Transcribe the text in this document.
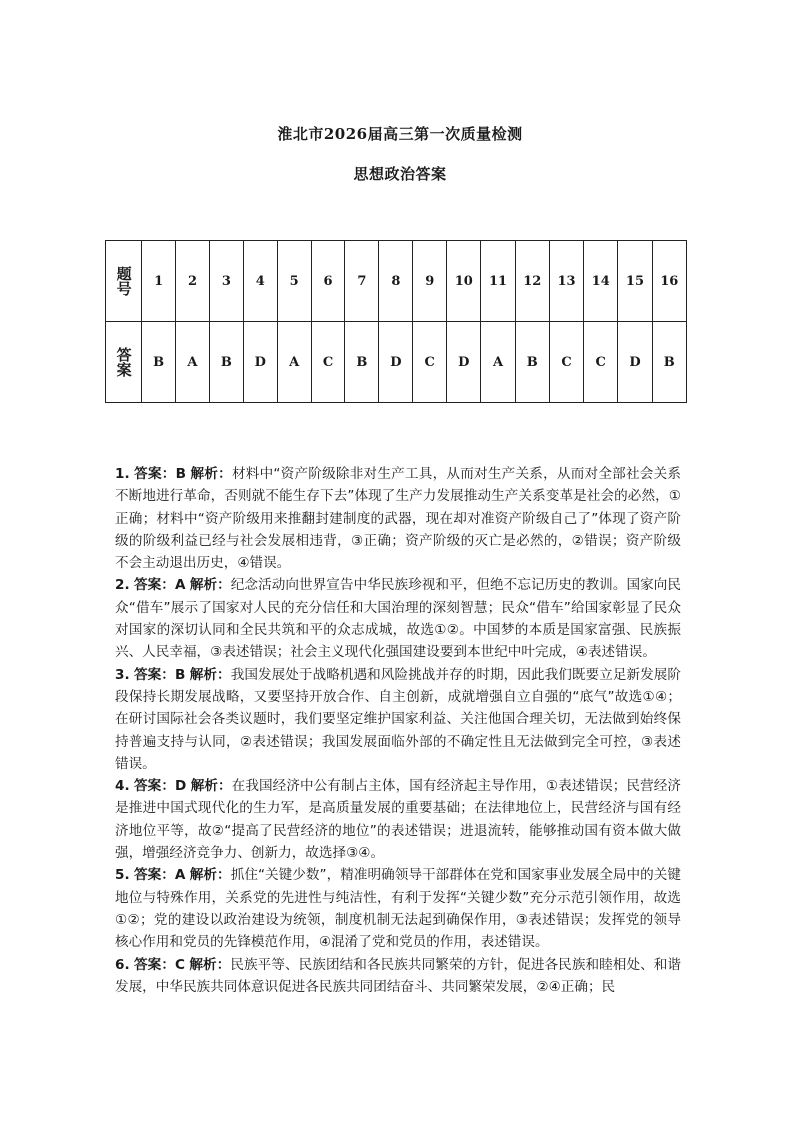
淮北市2026届高三第一次质量检测
思想政治答案
题号	1	2	3	4	5	6	7	8	9	10	11	12	13	14	15	16
答案	B	A	B	D	A	C	B	D	C	D	A	B	C	C	D	B

1. 答案：B 解析：材料中“资产阶级除非对生产工具，从而对生产关系，从而对全部社会关系不断地进行革命，否则就不能生存下去”体现了生产力发展推动生产关系变革是社会的必然，①正确；材料中“资产阶级用来推翻封建制度的武器，现在却对准资产阶级自己了”体现了资产阶级的阶级利益已经与社会发展相违背，③正确；资产阶级的灭亡是必然的，②错误；资产阶级不会主动退出历史，④错误。

2. 答案：A 解析：纪念活动向世界宣告中华民族珍视和平，但绝不忘记历史的教训。国家向民众“借车”展示了国家对人民的充分信任和大国治理的深刻智慧；民众“借车”给国家彰显了民众对国家的深切认同和全民共筑和平的众志成城，故选①②。中国梦的本质是国家富强、民族振兴、人民幸福，③表述错误；社会主义现代化强国建设要到本世纪中叶完成，④表述错误。

3. 答案：B 解析：我国发展处于战略机遇和风险挑战并存的时期，因此我们既要立足新发展阶段保持长期发展战略，又要坚持开放合作、自主创新，成就增强自立自强的“底气”故选①④；在研讨国际社会各类议题时，我们要坚定维护国家利益、关注他国合理关切，无法做到始终保持普遍支持与认同，②表述错误；我国发展面临外部的不确定性且无法做到完全可控，③表述错误。

4. 答案：D 解析：在我国经济中公有制占主体，国有经济起主导作用，①表述错误；民营经济是推进中国式现代化的生力军，是高质量发展的重要基础；在法律地位上，民营经济与国有经济地位平等，故②“提高了民营经济的地位”的表述错误；进退流转，能够推动国有资本做大做强，增强经济竞争力、创新力，故选择③④。

5. 答案：A 解析：抓住“关键少数”，精准明确领导干部群体在党和国家事业发展全局中的关键地位与特殊作用，关系党的先进性与纯洁性，有利于发挥“关键少数”充分示范引领作用，故选①②；党的建设以政治建设为统领，制度机制无法起到确保作用，③表述错误；发挥党的领导核心作用和党员的先锋模范作用，④混淆了党和党员的作用，表述错误。

6. 答案：C 解析：民族平等、民族团结和各民族共同繁荣的方针，促进各民族和睦相处、和谐发展，中华民族共同体意识促进各民族共同团结奋斗、共同繁荣发展，②④正确；民
